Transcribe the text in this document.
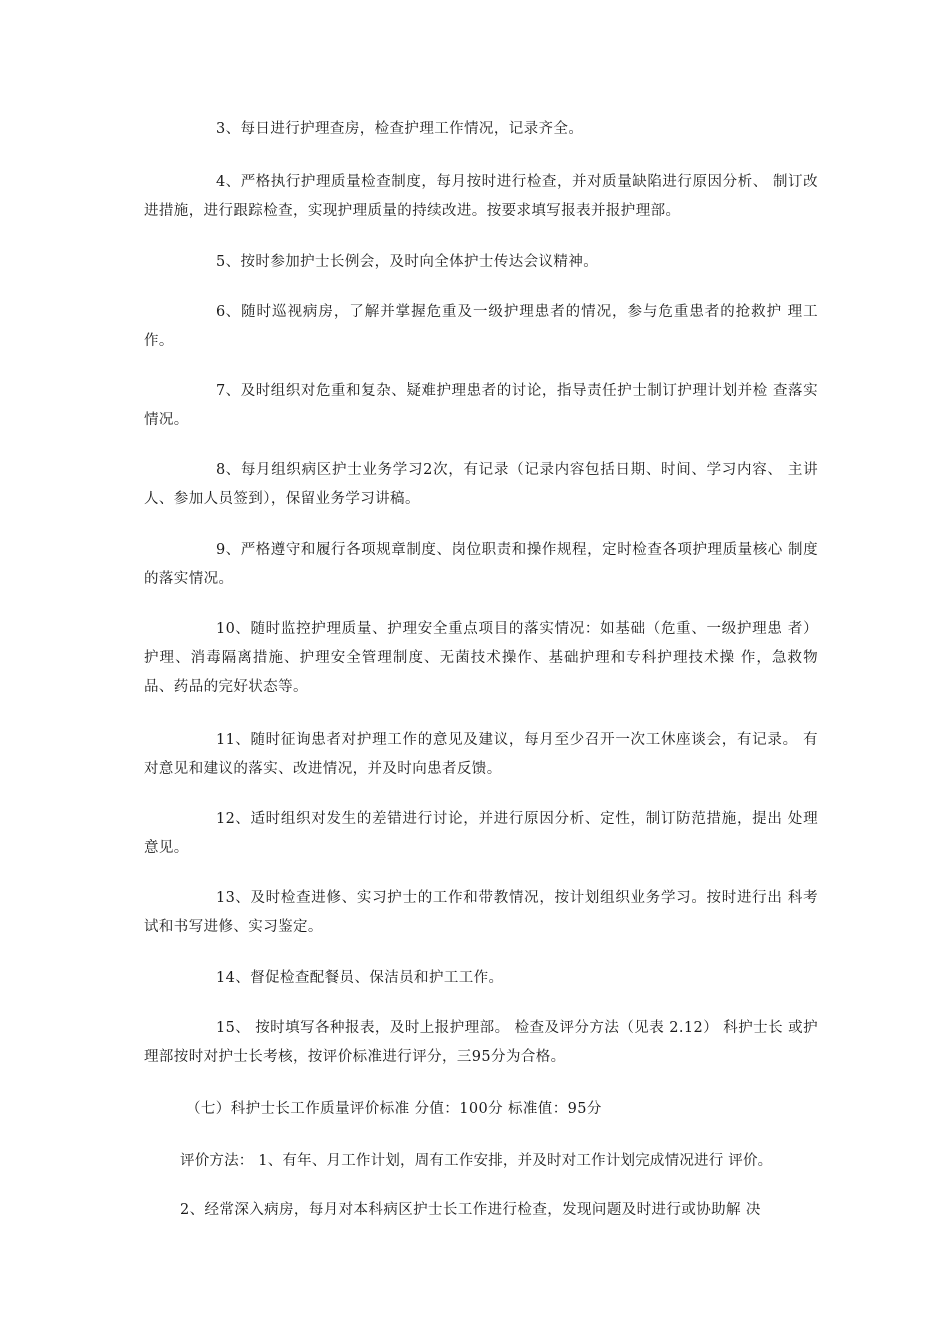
3、每日进行护理查房，检查护理工作情况，记录齐全。

4、严格执行护理质量检查制度，每月按时进行检查，并对质量缺陷进行原因分析、 制订改进措施，进行跟踪检查，实现护理质量的持续改进。按要求填写报表并报护理部。

5、按时参加护士长例会，及时向全体护士传达会议精神。

6、随时巡视病房，了解并掌握危重及一级护理患者的情况，参与危重患者的抢救护 理工作。

7、及时组织对危重和复杂、疑难护理患者的讨论，指导责任护士制订护理计划并检 查落实情况。

8、每月组织病区护士业务学习2次，有记录（记录内容包括日期、时间、学习内容、 主讲人、参加人员签到），保留业务学习讲稿。

9、严格遵守和履行各项规章制度、岗位职责和操作规程，定时检查各项护理质量核心 制度的落实情况。

10、随时监控护理质量、护理安全重点项目的落实情况：如基础（危重、一级护理患 者）护理、消毒隔离措施、护理安全管理制度、无菌技术操作、基础护理和专科护理技术操 作，急救物品、药品的完好状态等。

11、随时征询患者对护理工作的意见及建议，每月至少召开一次工休座谈会，有记录。 有对意见和建议的落实、改进情况，并及时向患者反馈。

12、适时组织对发生的差错进行讨论，并进行原因分析、定性，制订防范措施，提出 处理意见。

13、及时检查进修、实习护士的工作和带教情况，按计划组织业务学习。按时进行出 科考试和书写进修、实习鉴定。

14、督促检查配餐员、保洁员和护工工作。

15、 按时填写各种报表，及时上报护理部。 检查及评分方法（见表 2.12） 科护士长 或护理部按时对护士长考核，按评价标准进行评分，三95分为合格。

（七）科护士长工作质量评价标准 分值：100分 标准值：95分

评价方法： 1、有年、月工作计划，周有工作安排，并及时对工作计划完成情况进行 评价。

2、经常深入病房，每月对本科病区护士长工作进行检查，发现问题及时进行或协助解 决
